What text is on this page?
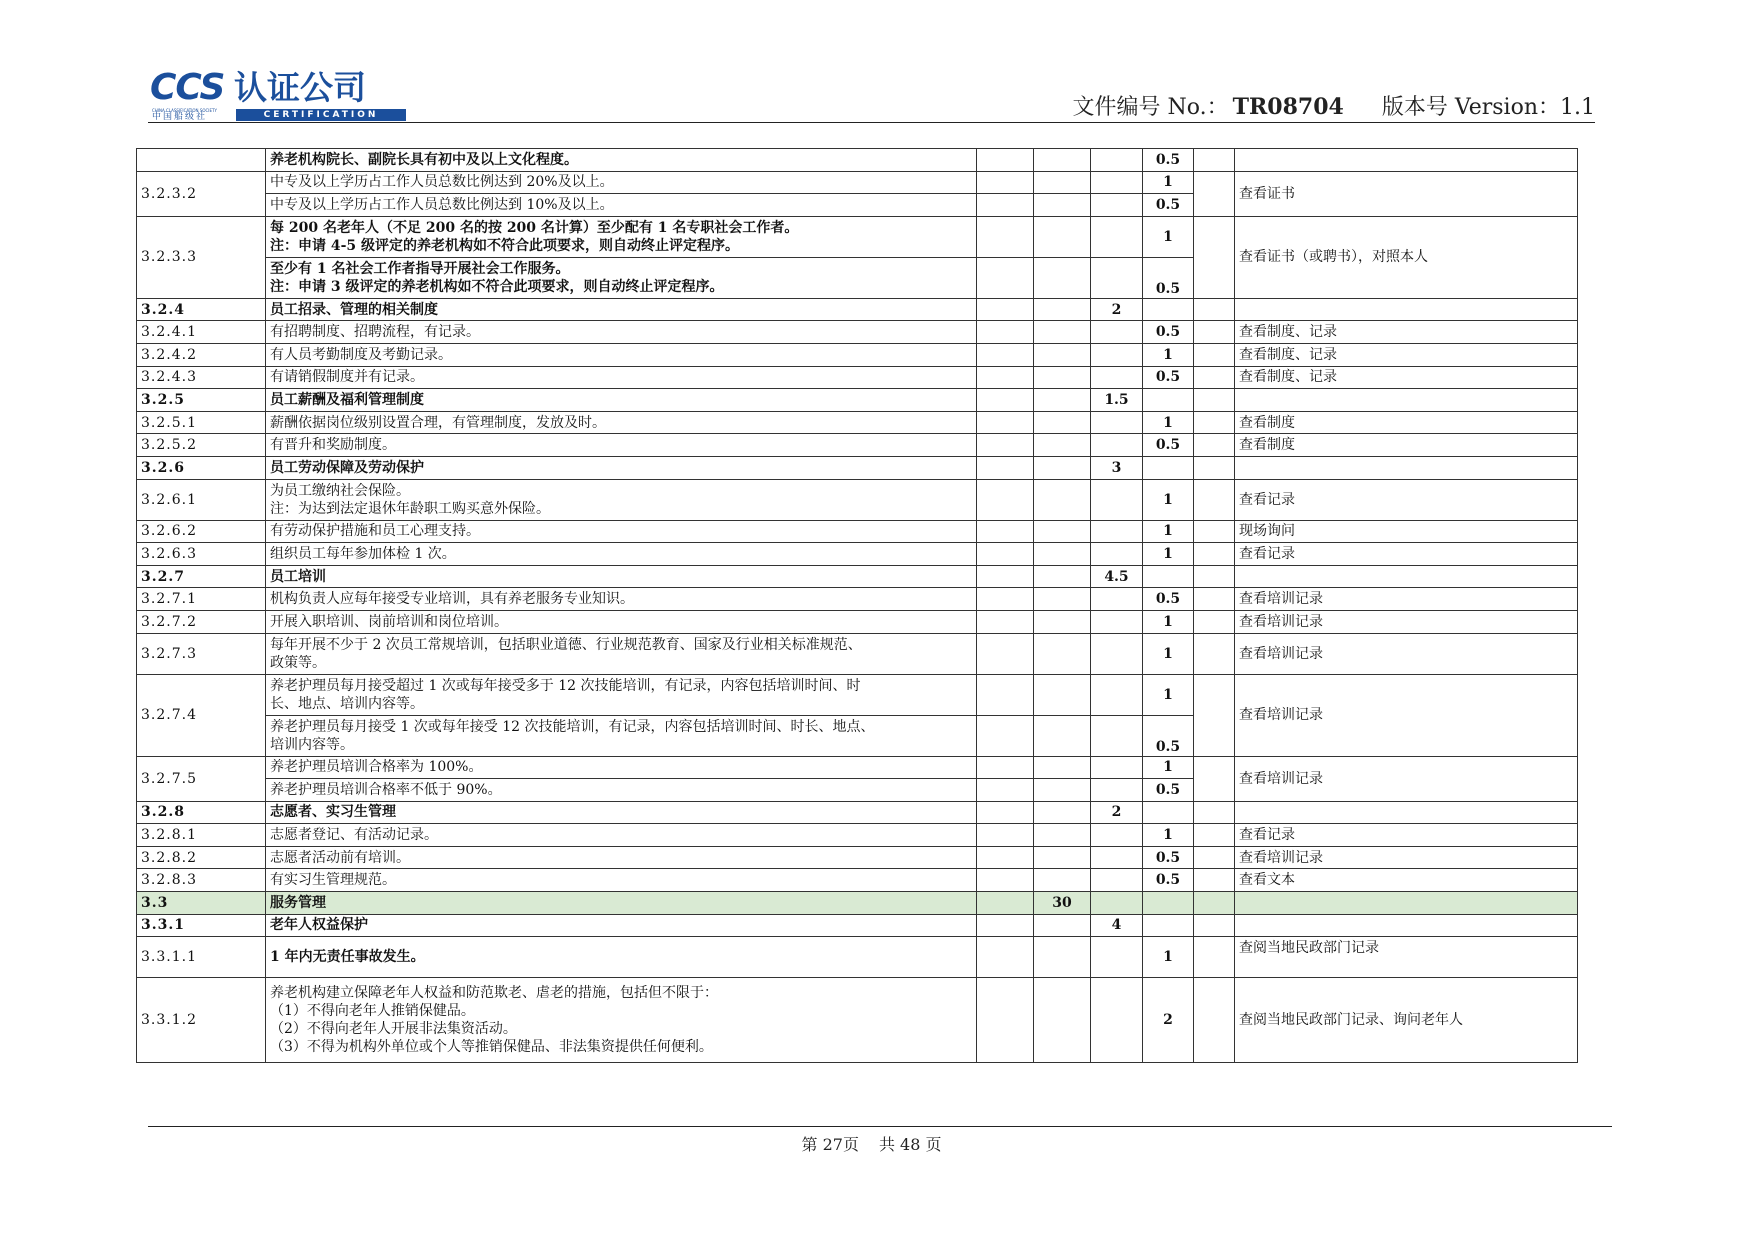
CCS 认证公司
CHINA CLASSIFICATION SOCIETY
中国船级社	CERTIFICATION	文件编号 No.： TR08704 版本号 Version：1.1
	养老机构院长、副院长具有初中及以上文化程度。				0.5		
3.2.3.2	中专及以上学历占工作人员总数比例达到 20%及以上。				1		查看证书
	中专及以上学历占工作人员总数比例达到 10%及以上。				0.5		
3.2.3.3	每 200 名老年人（不足 200 名的按 200 名计算）至少配有 1 名专职社会工作者。
注：申请 4-5 级评定的养老机构如不符合此项要求，则自动终止评定程序。				1		查看证书（或聘书），对照本人

	至少有 1 名社会工作者指导开展社会工作服务。
注：申请 3 级评定的养老机构如不符合此项要求，则自动终止评定程序。				0.5		
3.2.4	员工招录、管理的相关制度			2			
3.2.4.1	有招聘制度、招聘流程，有记录。				0.5		查看制度、记录
3.2.4.2	有人员考勤制度及考勤记录。				1		查看制度、记录
3.2.4.3	有请销假制度并有记录。				0.5		查看制度、记录
3.2.5	员工薪酬及福利管理制度			1.5			
3.2.5.1	薪酬依据岗位级别设置合理，有管理制度，发放及时。				1		查看制度
3.2.5.2	有晋升和奖励制度。				0.5		查看制度
3.2.6	员工劳动保障及劳动保护			3			
3.2.6.1	为员工缴纳社会保险。
注：为达到法定退休年龄职工购买意外保险。				1		查看记录
3.2.6.2	有劳动保护措施和员工心理支持。				1		现场询问
3.2.6.3	组织员工每年参加体检 1 次。				1		查看记录
3.2.7	员工培训			4.5			
3.2.7.1	机构负责人应每年接受专业培训，具有养老服务专业知识。				0.5		查看培训记录
3.2.7.2	开展入职培训、岗前培训和岗位培训。				1		查看培训记录
3.2.7.3	每年开展不少于 2 次员工常规培训，包括职业道德、行业规范教育、国家及行业相关标准规范、
政策等。				1		查看培训记录
3.2.7.4	养老护理员每月接受超过 1 次或每年接受多于 12 次技能培训，有记录，内容包括培训时间、时
长、地点、培训内容等。				1		查看培训记录

	养老护理员每月接受 1 次或每年接受 12 次技能培训，有记录，内容包括培训时间、时长、地点、
培训内容等。				0.5		
3.2.7.5	养老护理员培训合格率为 100%。				1		查看培训记录
	养老护理员培训合格率不低于 90%。				0.5		
3.2.8	志愿者、实习生管理			2			
3.2.8.1	志愿者登记、有活动记录。				1		查看记录
3.2.8.2	志愿者活动前有培训。				0.5		查看培训记录
3.2.8.3	有实习生管理规范。				0.5		查看文本
3.3	服务管理		30				
3.3.1	老年人权益保护			4			
3.3.1.1	1 年内无责任事故发生。				1		查阅当地民政部门记录
3.3.1.2	养老机构建立保障老年人权益和防范欺老、虐老的措施，包括但不限于：
（1）不得向老年人推销保健品。
（2）不得向老年人开展非法集资活动。
（3）不得为机构外单位或个人等推销保健品、非法集资提供任何便利。				2		查阅当地民政部门记录、询问老年人
第 27页 共 48 页
